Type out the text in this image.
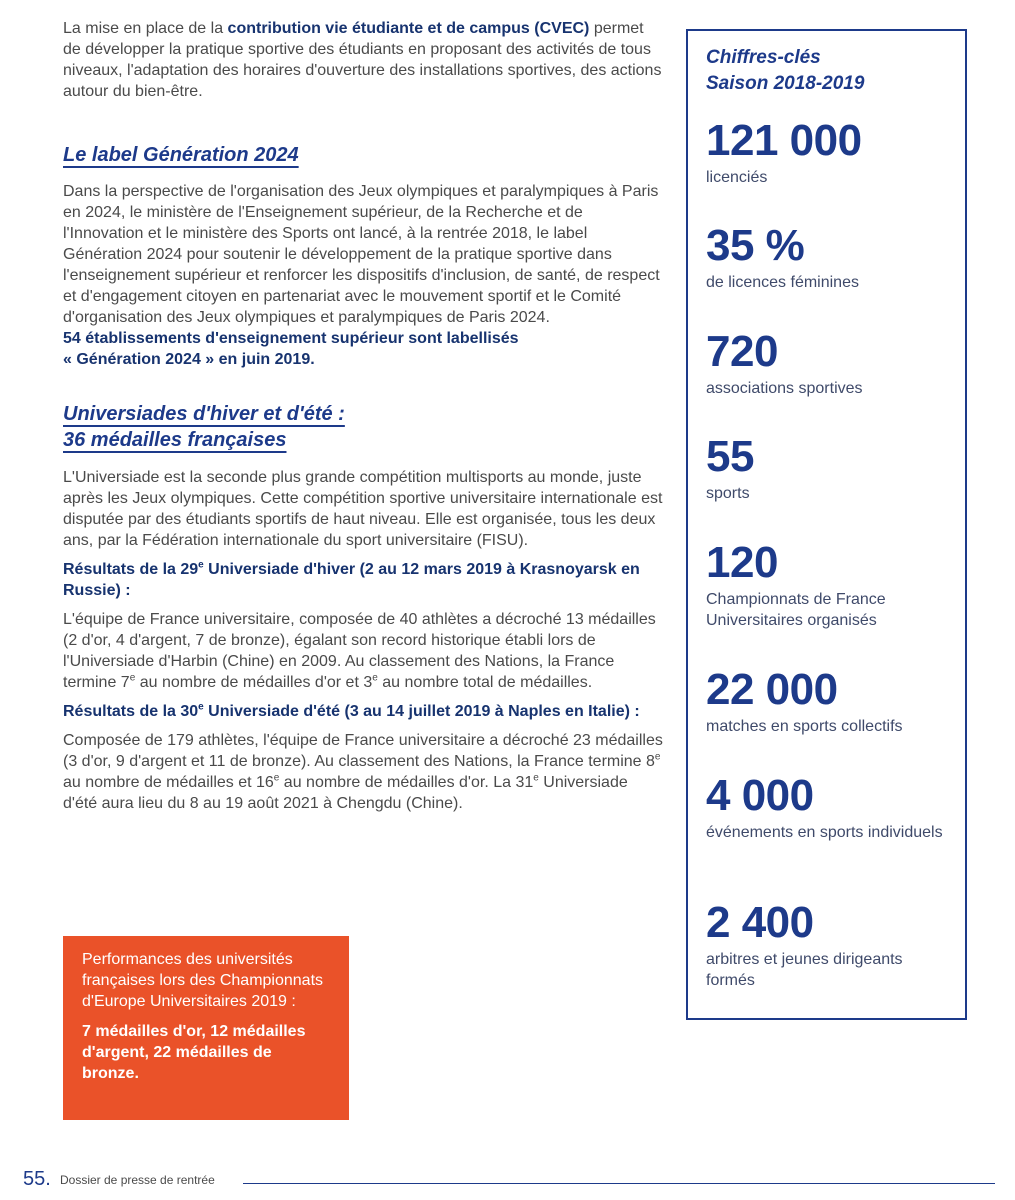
La mise en place de la contribution vie étudiante et de campus (CVEC) permet de développer la pratique sportive des étudiants en proposant des activités de tous niveaux, l'adaptation des horaires d'ouverture des installations sportives, des actions autour du bien-être.

Le label Génération 2024

Dans la perspective de l'organisation des Jeux olympiques et paralympiques à Paris en 2024, le ministère de l'Enseignement supérieur, de la Recherche et de l'Innovation et le ministère des Sports ont lancé, à la rentrée 2018, le label Génération 2024 pour soutenir le développement de la pratique sportive dans l'enseignement supérieur et renforcer les dispositifs d'inclusion, de santé, de respect et d'engagement citoyen en partenariat avec le mouvement sportif et le Comité d'organisation des Jeux olympiques et paralympiques de Paris 2024.

54 établissements d'enseignement supérieur sont labellisés
« Génération 2024 » en juin 2019.

Universiades d'hiver et d'été :
36 médailles françaises

L'Universiade est la seconde plus grande compétition multisports au monde, juste après les Jeux olympiques. Cette compétition sportive universitaire internationale est disputée par des étudiants sportifs de haut niveau. Elle est organisée, tous les deux ans, par la Fédération internationale du sport universitaire (FISU).

Résultats de la 29e Universiade d'hiver (2 au 12 mars 2019 à Krasnoyarsk en Russie) :

L'équipe de France universitaire, composée de 40 athlètes a décroché 13 médailles (2 d'or, 4 d'argent, 7 de bronze), égalant son record historique établi lors de l'Universiade d'Harbin (Chine) en 2009. Au classement des Nations, la France termine 7e au nombre de médailles d'or et 3e au nombre total de médailles.

Résultats de la 30e Universiade d'été (3 au 14 juillet 2019 à Naples en Italie) :

Composée de 179 athlètes, l'équipe de France universitaire a décroché 23 médailles (3 d'or, 9 d'argent et 11 de bronze). Au classement des Nations, la France termine 8e au nombre de médailles et 16e au nombre de médailles d'or. La 31e Universiade d'été aura lieu du 8 au 19 août 2021 à Chengdu (Chine).

Chiffres-clés
Saison 2018-2019
121 000
licenciés
35 %
de licences féminines
720
associations sportives
55
sports
120
Championnats de France Universitaires organisés
22 000
matches en sports collectifs
4 000
événements en sports individuels
2 400
arbitres et jeunes dirigeants formés

Performances des universités françaises lors des Championnats d'Europe Universitaires 2019 :

7 médailles d'or, 12 médailles d'argent, 22 médailles de bronze.

55. Dossier de presse de rentrée
